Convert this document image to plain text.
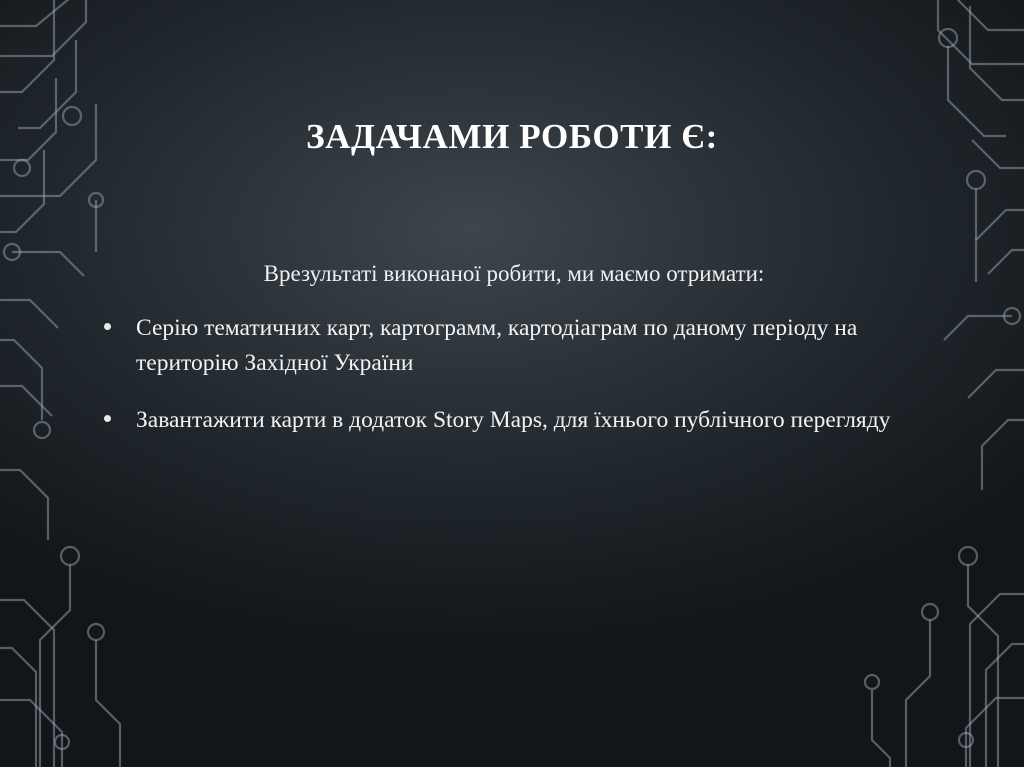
ЗАДАЧАМИ РОБОТИ Є:

Врезультаті виконаної робити, ми маємо отримати:

Серію тематичних карт, картограмм, картодіаграм по даному періоду на територію Західної України
Завантажити карти в додаток Story Maps, для їхнього публічного перегляду
